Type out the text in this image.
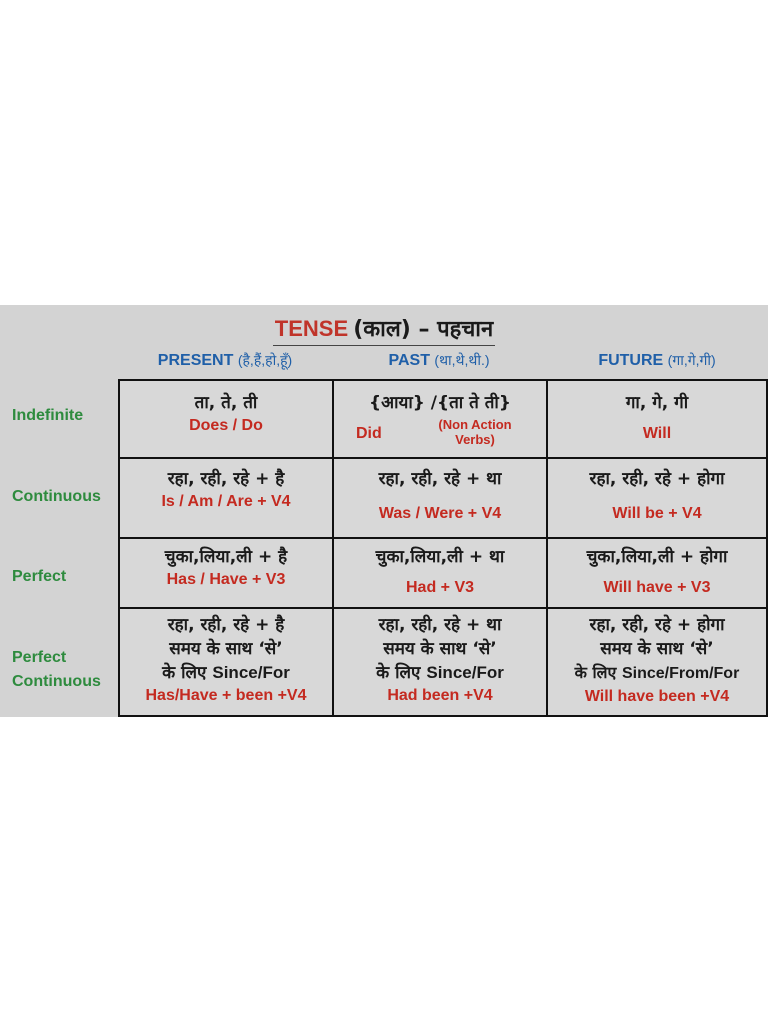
TENSE (काल) – पहचान
PRESENT (है,हैं,हो,हूँ)	PAST (था,थे,थी.)	FUTURE (गा,गे,गी)
Indefinite
Continuous
Perfect
Perfect
Continuous
ता, ते, ती
Does / Do
{आया} /{ता ते ती}
Did
(Non Action Verbs)
गा, गे, गी
Will
रहा, रही, रहे + है
Is / Am / Are + V4
रहा, रही, रहे + था
Was / Were + V4
रहा, रही, रहे + होगा
Will be + V4
चुका,लिया,ली + है
Has / Have + V3
चुका,लिया,ली + था
Had + V3
चुका,लिया,ली + होगा
Will have + V3
रहा, रही, रहे + है
समय के साथ ‘से’
के लिए Since/For
Has/Have + been +V4
रहा, रही, रहे + था
समय के साथ ‘से’
के लिए Since/For
Had been +V4
रहा, रही, रहे + होगा
समय के साथ ‘से’
के लिए Since/From/For
Will have been +V4
